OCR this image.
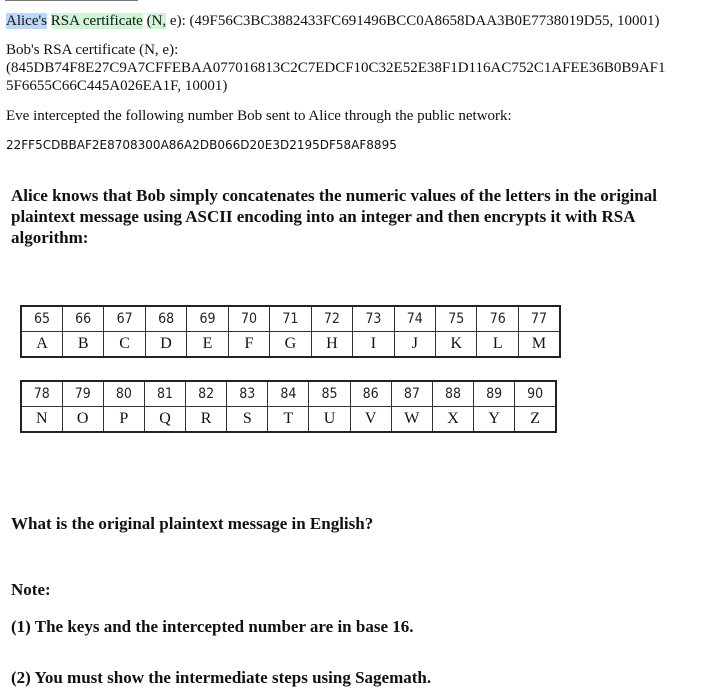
Alice's RSA certificate (N, e): (49F56C3BC3882433FC691496BCC0A8658DAA3B0E7738019D55, 10001)
Bob's RSA certificate (N, e):
(845DB74F8E27C9A7CFFEBAA077016813C2C7EDCF10C32E52E38F1D116AC752C1AFEE36B0B9AF1
5F6655C66C445A026EA1F, 10001)
Eve intercepted the following number Bob sent to Alice through the public network:
22FF5CDBBAF2E8708300A86A2DB066D20E3D2195DF58AF8895
Alice knows that Bob simply concatenates the numeric values of the letters in the original
plaintext message using ASCII encoding into an integer and then encrypts it with RSA
algorithm:
65	66	67	68	69	70	71	72	73	74	75	76	77
A	B	C	D	E	F	G	H	I	J	K	L	M
78	79	80	81	82	83	84	85	86	87	88	89	90
N	O	P	Q	R	S	T	U	V	W	X	Y	Z
What is the original plaintext message in English?
Note:
(1) The keys and the intercepted number are in base 16.
(2) You must show the intermediate steps using Sagemath.
